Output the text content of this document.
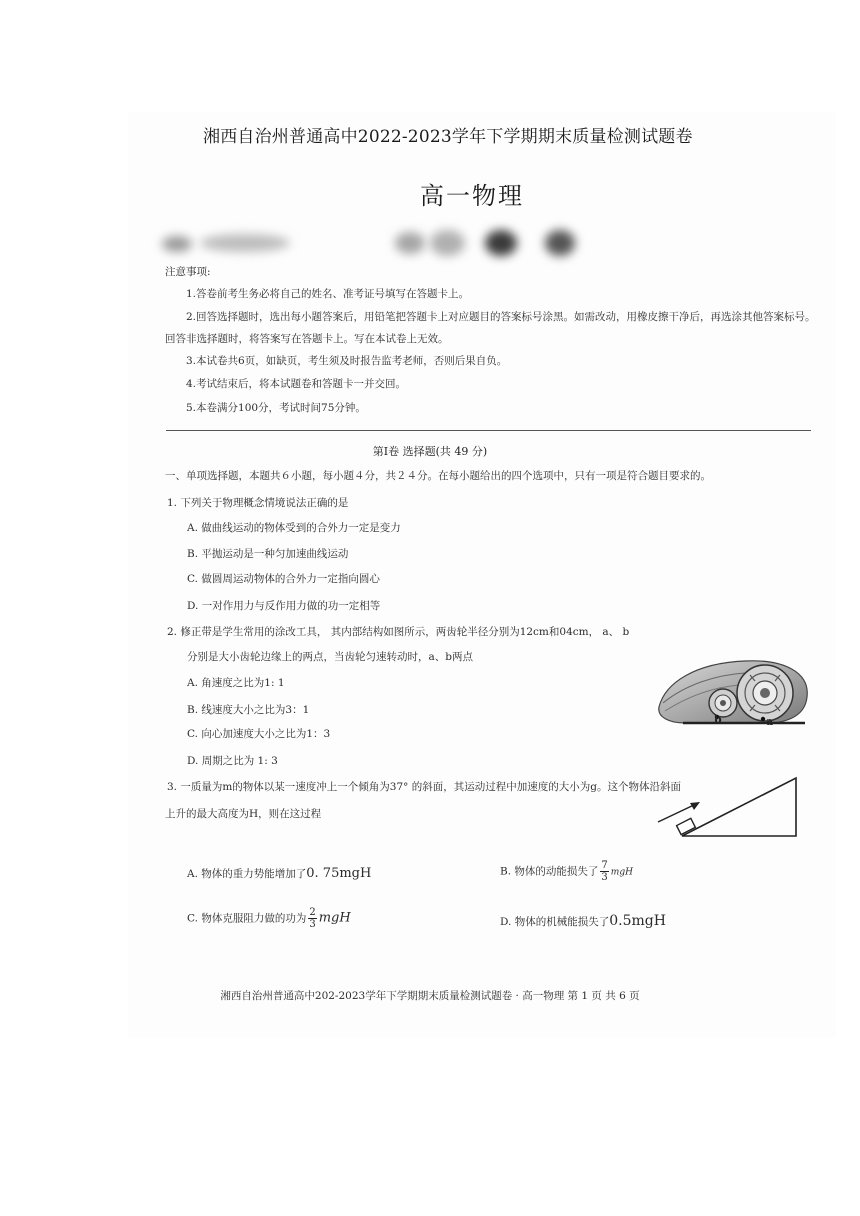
湘西自治州普通高中2022-2023学年下学期期末质量检测试题卷
高一物理
注意事项:
1.答卷前考生务必将自己的姓名、准考证号填写在答题卡上。
2.回答选择题时，选出每小题答案后，用铅笔把答题卡上对应题目的答案标号涂黑。如需改动，用橡皮擦干净后，再选涂其他答案标号。
回答非选择题时，将答案写在答题卡上。写在本试卷上无效。
3.本试卷共6页，如缺页，考生须及时报告监考老师，否则后果自负。
4.考试结束后，将本试题卷和答题卡一并交回。
5.本卷满分100分，考试时间75分钟。
第Ⅰ卷 选择题(共 49 分)
一、单项选择题，本题共６小题，每小题４分，共２４分。在每小题给出的四个选项中，只有一项是符合题目要求的。
1. 下列关于物理概念情境说法正确的是
A. 做曲线运动的物体受到的合外力一定是变力
B. 平抛运动是一种匀加速曲线运动
C. 做圆周运动物体的合外力一定指向圆心
D. 一对作用力与反作用力做的功一定相等
2. 修正带是学生常用的涂改工具， 其内部结构如图所示，两齿轮半径分别为12cm和04cm， a、 b
分别是大小齿轮边缘上的两点，当齿轮匀速转动时，a、b两点
A. 角速度之比为1: 1
B. 线速度大小之比为3：1
C. 向心加速度大小之比为1：3
D. 周期之比为 1: 3
b	a
3. 一质量为m的物体以某一速度冲上一个倾角为37° 的斜面，其运动过程中加速度的大小为g。这个物体沿斜面
上升的最大高度为H，则在这过程
A. 物体的重力势能增加了0. 75mgH	B. 物体的动能损失了 $\frac{7}{3}$ mgH
C. 物体克服阻力做的功为 $\frac{2}{3}$ mgH	D. 物体的机械能损失了0.5mgH
湘西自治州普通高中202-2023学年下学期期末质量检测试题卷 · 高一物理 第 1 页 共 6 页
